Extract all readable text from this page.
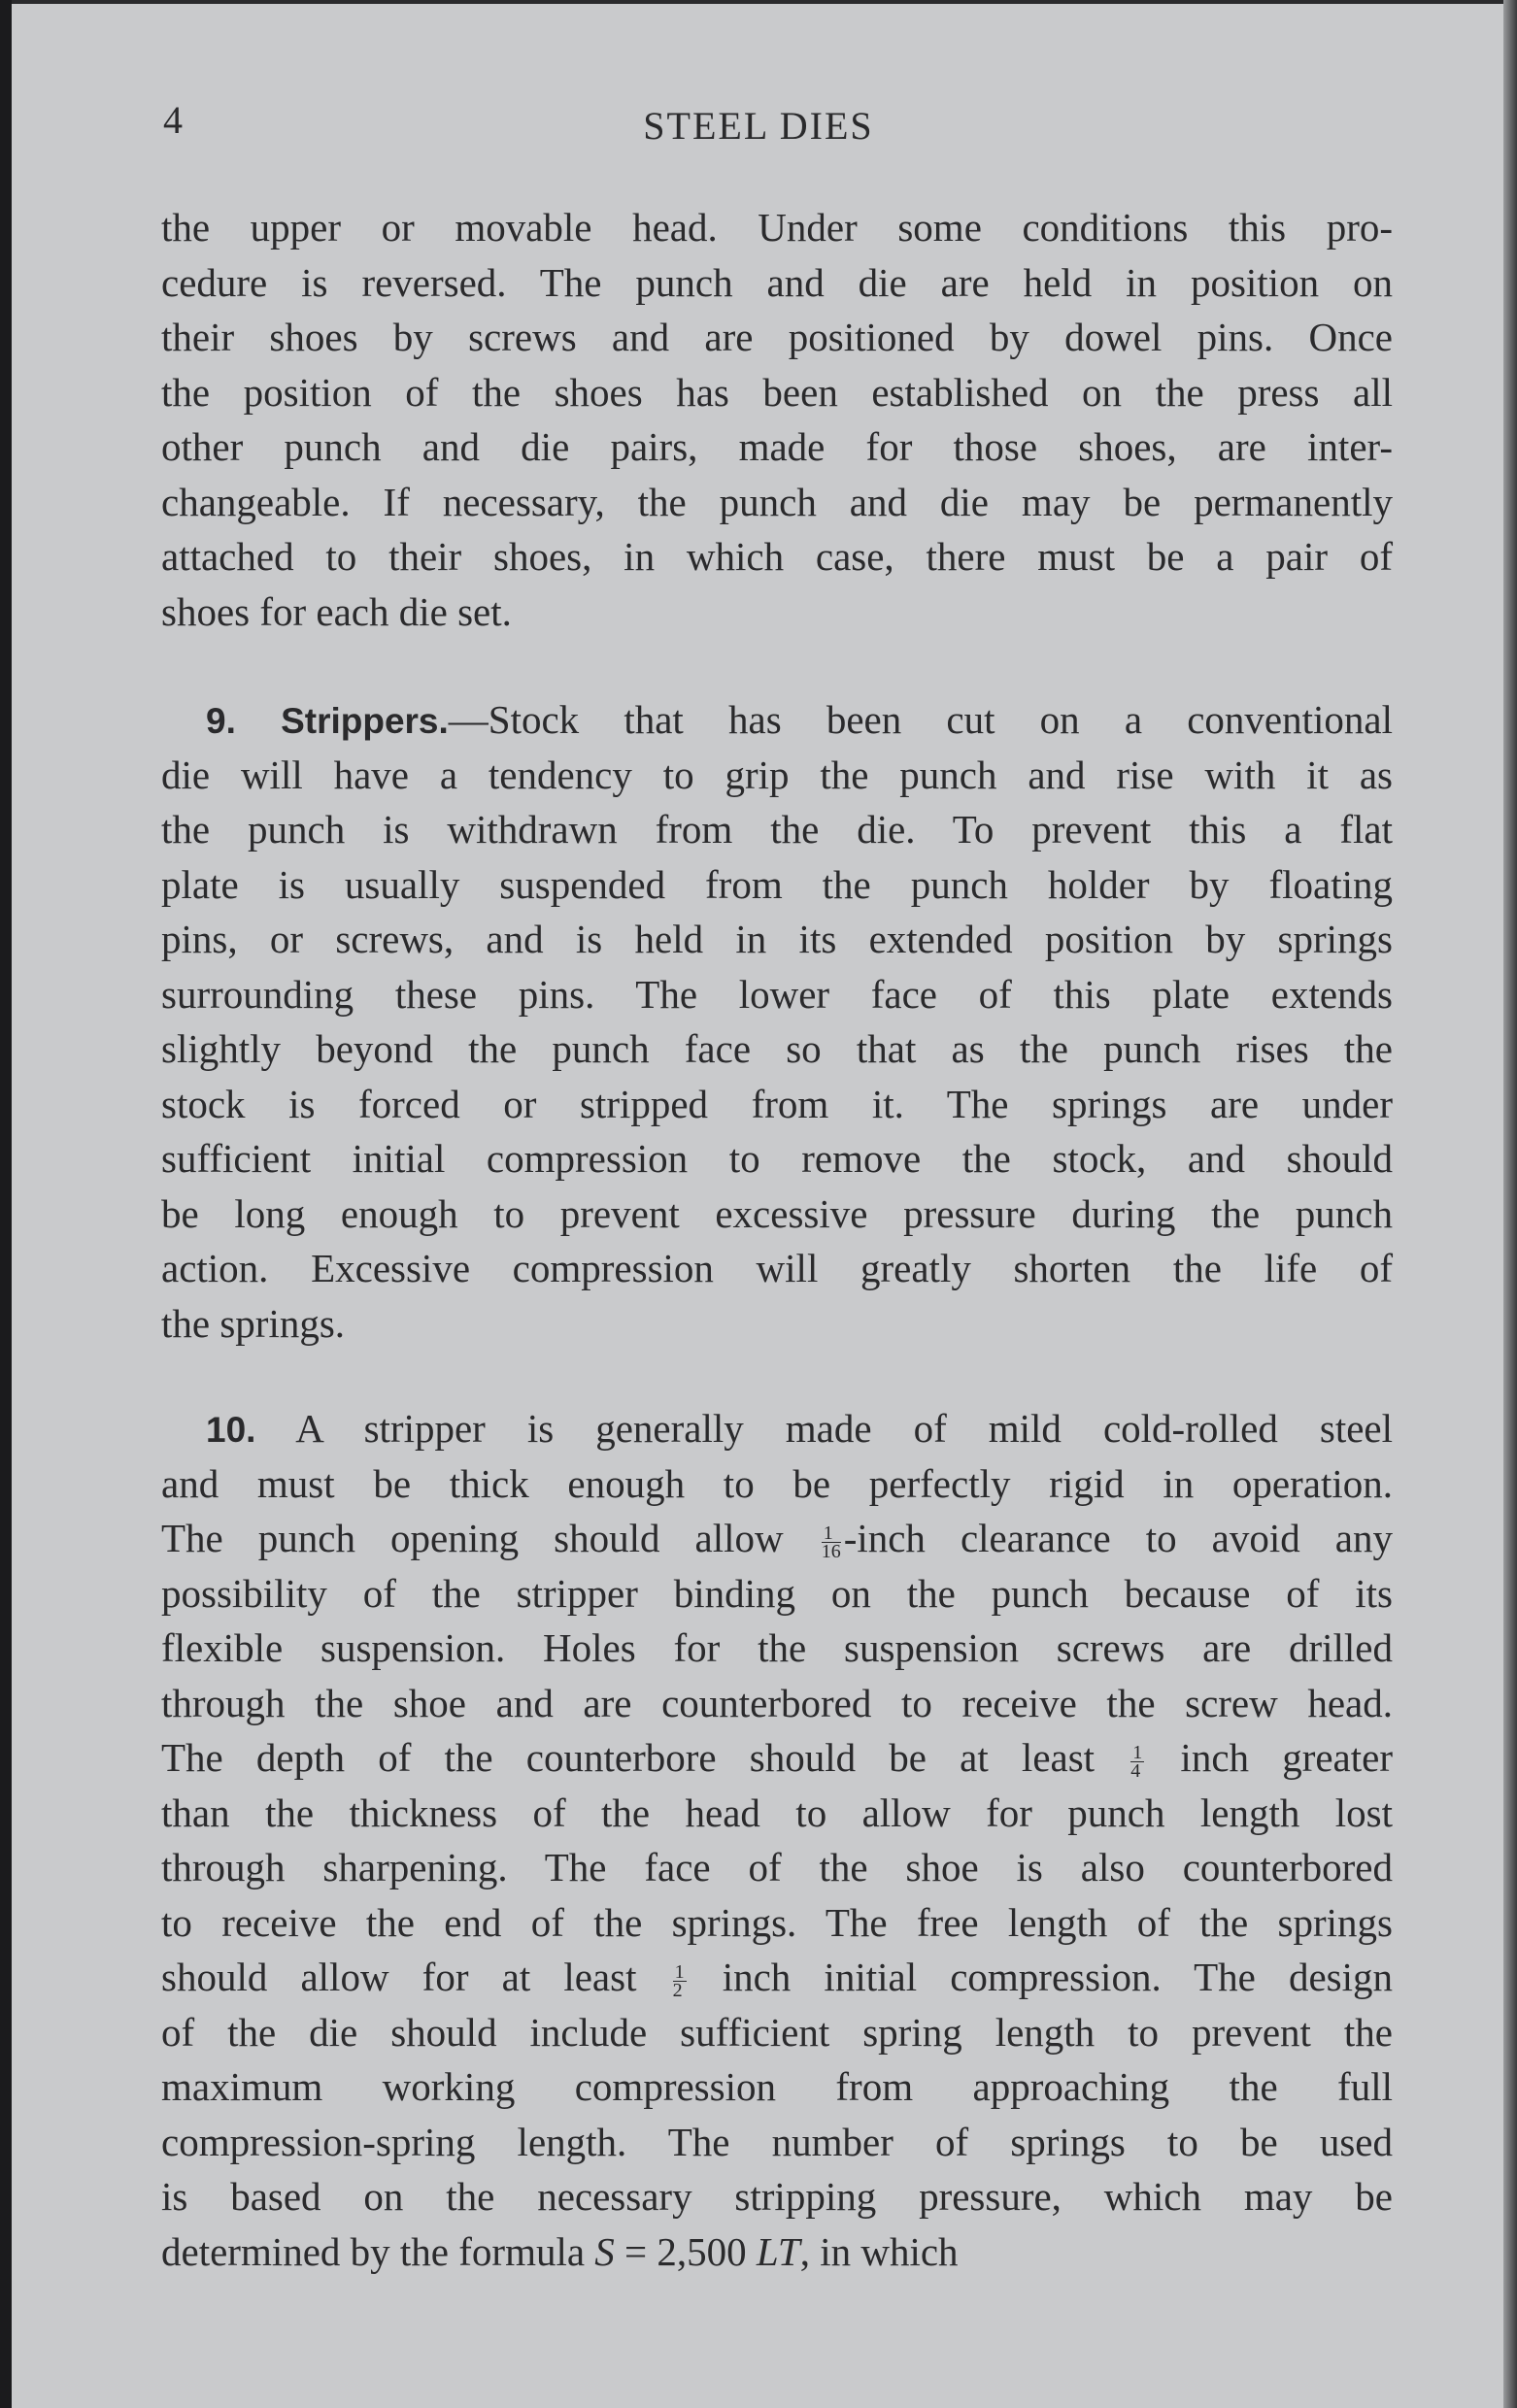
4	STEEL DIES
the upper or movable head. Under some conditions this pro-
cedure is reversed. The punch and die are held in position on
their shoes by screws and are positioned by dowel pins. Once
the position of the shoes has been established on the press all
other punch and die pairs, made for those shoes, are inter-
changeable. If necessary, the punch and die may be permanently
attached to their shoes, in which case, there must be a pair of
shoes for each die set.
9. Strippers.—Stock that has been cut on a conventional
die will have a tendency to grip the punch and rise with it as
the punch is withdrawn from the die. To prevent this a flat
plate is usually suspended from the punch holder by floating
pins, or screws, and is held in its extended position by springs
surrounding these pins. The lower face of this plate extends
slightly beyond the punch face so that as the punch rises the
stock is forced or stripped from it. The springs are under
sufficient initial compression to remove the stock, and should
be long enough to prevent excessive pressure during the punch
action. Excessive compression will greatly shorten the life of
the springs.
10. A stripper is generally made of mild cold-rolled steel
and must be thick enough to be perfectly rigid in operation.
The punch opening should allow $\frac{1}{16}$ -inch clearance to avoid any
possibility of the stripper binding on the punch because of its
flexible suspension. Holes for the suspension screws are drilled
through the shoe and are counterbored to receive the screw head.
The depth of the counterbore should be at least $\frac{1}{4}$ inch greater
than the thickness of the head to allow for punch length lost
through sharpening. The face of the shoe is also counterbored
to receive the end of the springs. The free length of the springs
should allow for at least $\frac{1}{2}$ inch initial compression. The design
of the die should include sufficient spring length to prevent the
maximum working compression from approaching the full
compression-spring length. The number of springs to be used
is based on the necessary stripping pressure, which may be
determined by the formula S = 2,500 LT, in which
